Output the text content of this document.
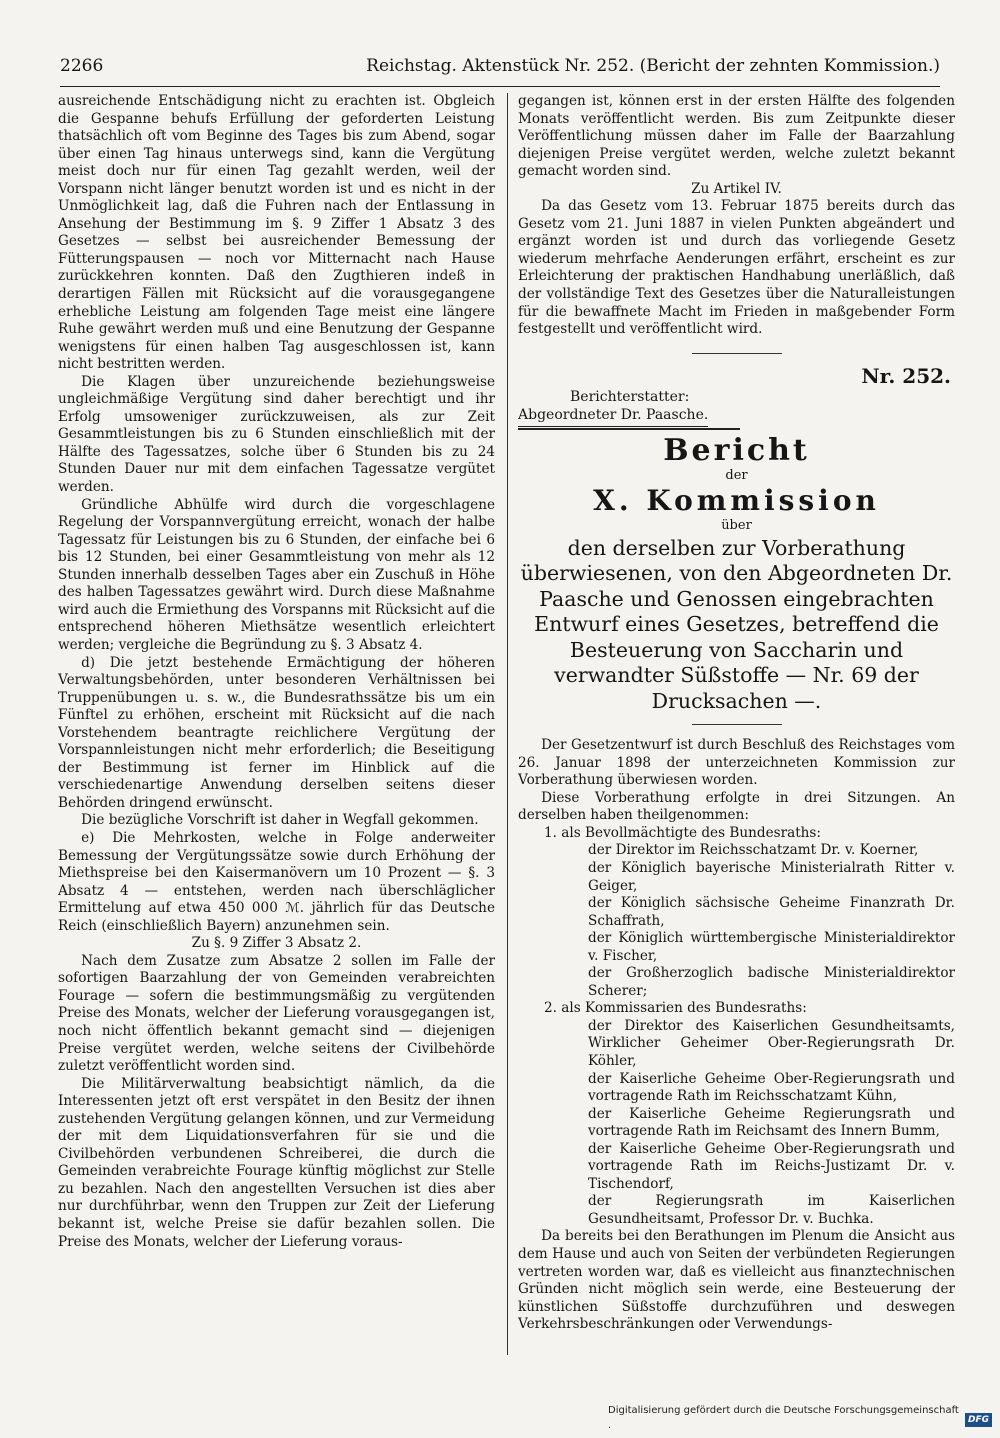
2266	Reichstag. Aktenstück Nr. 252. (Bericht der zehnten Kommission.)

ausreichende Entschädigung nicht zu erachten ist. Obgleich die Gespanne behufs Erfüllung der geforderten Leistung thatsächlich oft vom Beginne des Tages bis zum Abend, sogar über einen Tag hinaus unterwegs sind, kann die Vergütung meist doch nur für einen Tag gezahlt werden, weil der Vorspann nicht länger benutzt worden ist und es nicht in der Unmöglichkeit lag, daß die Fuhren nach der Entlassung in Ansehung der Bestimmung im §. 9 Ziffer 1 Absatz 3 des Gesetzes — selbst bei ausreichender Bemessung der Fütterungspausen — noch vor Mitternacht nach Hause zurückkehren konnten. Daß den Zugthieren indeß in derartigen Fällen mit Rücksicht auf die vorausgegangene erhebliche Leistung am folgenden Tage meist eine längere Ruhe gewährt werden muß und eine Benutzung der Gespanne wenigstens für einen halben Tag ausgeschlossen ist, kann nicht bestritten werden.

Die Klagen über unzureichende beziehungsweise ungleichmäßige Vergütung sind daher berechtigt und ihr Erfolg umsoweniger zurückzuweisen, als zur Zeit Gesammtleistungen bis zu 6 Stunden einschließlich mit der Hälfte des Tagessatzes, solche über 6 Stunden bis zu 24 Stunden Dauer nur mit dem einfachen Tagessatze vergütet werden.

Gründliche Abhülfe wird durch die vorgeschlagene Regelung der Vorspannvergütung erreicht, wonach der halbe Tagessatz für Leistungen bis zu 6 Stunden, der einfache bei 6 bis 12 Stunden, bei einer Gesammtleistung von mehr als 12 Stunden innerhalb desselben Tages aber ein Zuschuß in Höhe des halben Tagessatzes gewährt wird. Durch diese Maßnahme wird auch die Ermiethung des Vorspanns mit Rücksicht auf die entsprechend höheren Miethsätze wesentlich erleichtert werden; vergleiche die Begründung zu §. 3 Absatz 4.

d) Die jetzt bestehende Ermächtigung der höheren Verwaltungsbehörden, unter besonderen Verhältnissen bei Truppenübungen u. s. w., die Bundesrathssätze bis um ein Fünftel zu erhöhen, erscheint mit Rücksicht auf die nach Vorstehendem beantragte reichlichere Vergütung der Vorspannleistungen nicht mehr erforderlich; die Beseitigung der Bestimmung ist ferner im Hinblick auf die verschiedenartige Anwendung derselben seitens dieser Behörden dringend erwünscht.

Die bezügliche Vorschrift ist daher in Wegfall gekommen.

e) Die Mehrkosten, welche in Folge anderweiter Bemessung der Vergütungssätze sowie durch Erhöhung der Miethspreise bei den Kaisermanövern um 10 Prozent — §. 3 Absatz 4 — entstehen, werden nach überschläglicher Ermittelung auf etwa 450 000 ℳ. jährlich für das Deutsche Reich (einschließlich Bayern) anzunehmen sein.

Zu §. 9 Ziffer 3 Absatz 2.

Nach dem Zusatze zum Absatze 2 sollen im Falle der sofortigen Baarzahlung der von Gemeinden verabreichten Fourage — sofern die bestimmungsmäßig zu vergütenden Preise des Monats, welcher der Lieferung vorausgegangen ist, noch nicht öffentlich bekannt gemacht sind — diejenigen Preise vergütet werden, welche seitens der Civilbehörde zuletzt veröffentlicht worden sind.

Die Militärverwaltung beabsichtigt nämlich, da die Interessenten jetzt oft erst verspätet in den Besitz der ihnen zustehenden Vergütung gelangen können, und zur Vermeidung der mit dem Liquidationsverfahren für sie und die Civilbehörden verbundenen Schreiberei, die durch die Gemeinden verabreichte Fourage künftig möglichst zur Stelle zu bezahlen. Nach den angestellten Versuchen ist dies aber nur durchführbar, wenn den Truppen zur Zeit der Lieferung bekannt ist, welche Preise sie dafür bezahlen sollen. Die Preise des Monats, welcher der Lieferung voraus-

gegangen ist, können erst in der ersten Hälfte des folgenden Monats veröffentlicht werden. Bis zum Zeitpunkte dieser Veröffentlichung müssen daher im Falle der Baarzahlung diejenigen Preise vergütet werden, welche zuletzt bekannt gemacht worden sind.

Zu Artikel IV.

Da das Gesetz vom 13. Februar 1875 bereits durch das Gesetz vom 21. Juni 1887 in vielen Punkten abgeändert und ergänzt worden ist und durch das vorliegende Gesetz wiederum mehrfache Aenderungen erfährt, erscheint es zur Erleichterung der praktischen Handhabung unerläßlich, daß der vollständige Text des Gesetzes über die Naturalleistungen für die bewaffnete Macht im Frieden in maßgebender Form festgestellt und veröffentlicht wird.

Nr. 252.
Berichterstatter:
Abgeordneter Dr. Paasche.
Bericht
der
X. Kommission
über
den derselben zur Vorberathung überwiesenen, von den Abgeordneten Dr. Paasche und Genossen eingebrachten Entwurf eines Gesetzes, betreffend die Besteuerung von Saccharin und verwandter Süßstoffe — Nr. 69 der Drucksachen —.

Der Gesetzentwurf ist durch Beschluß des Reichstages vom 26. Januar 1898 der unterzeichneten Kommission zur Vorberathung überwiesen worden.

Diese Vorberathung erfolgte in drei Sitzungen. An derselben haben theilgenommen:

1. als Bevollmächtigte des Bundesraths:
der Direktor im Reichsschatzamt Dr. v. Koerner,
der Königlich bayerische Ministerialrath Ritter v. Geiger,
der Königlich sächsische Geheime Finanzrath Dr. Schaffrath,
der Königlich württembergische Ministerialdirektor v. Fischer,
der Großherzoglich badische Ministerialdirektor Scherer;
2. als Kommissarien des Bundesraths:
der Direktor des Kaiserlichen Gesundheitsamts, Wirklicher Geheimer Ober-Regierungsrath Dr. Köhler,
der Kaiserliche Geheime Ober-Regierungsrath und vortragende Rath im Reichsschatzamt Kühn,
der Kaiserliche Geheime Regierungsrath und vortragende Rath im Reichsamt des Innern Bumm,
der Kaiserliche Geheime Ober-Regierungsrath und vortragende Rath im Reichs-Justizamt Dr. v. Tischendorf,
der Regierungsrath im Kaiserlichen Gesundheitsamt, Professor Dr. v. Buchka.

Da bereits bei den Berathungen im Plenum die Ansicht aus dem Hause und auch von Seiten der verbündeten Regierungen vertreten worden war, daß es vielleicht aus finanztechnischen Gründen nicht möglich sein werde, eine Besteuerung der künstlichen Süßstoffe durchzuführen und deswegen Verkehrsbeschränkungen oder Verwendungs-

Digitalisierung gefördert durch die Deutsche Forschungsgemeinschaft ·
DFG
